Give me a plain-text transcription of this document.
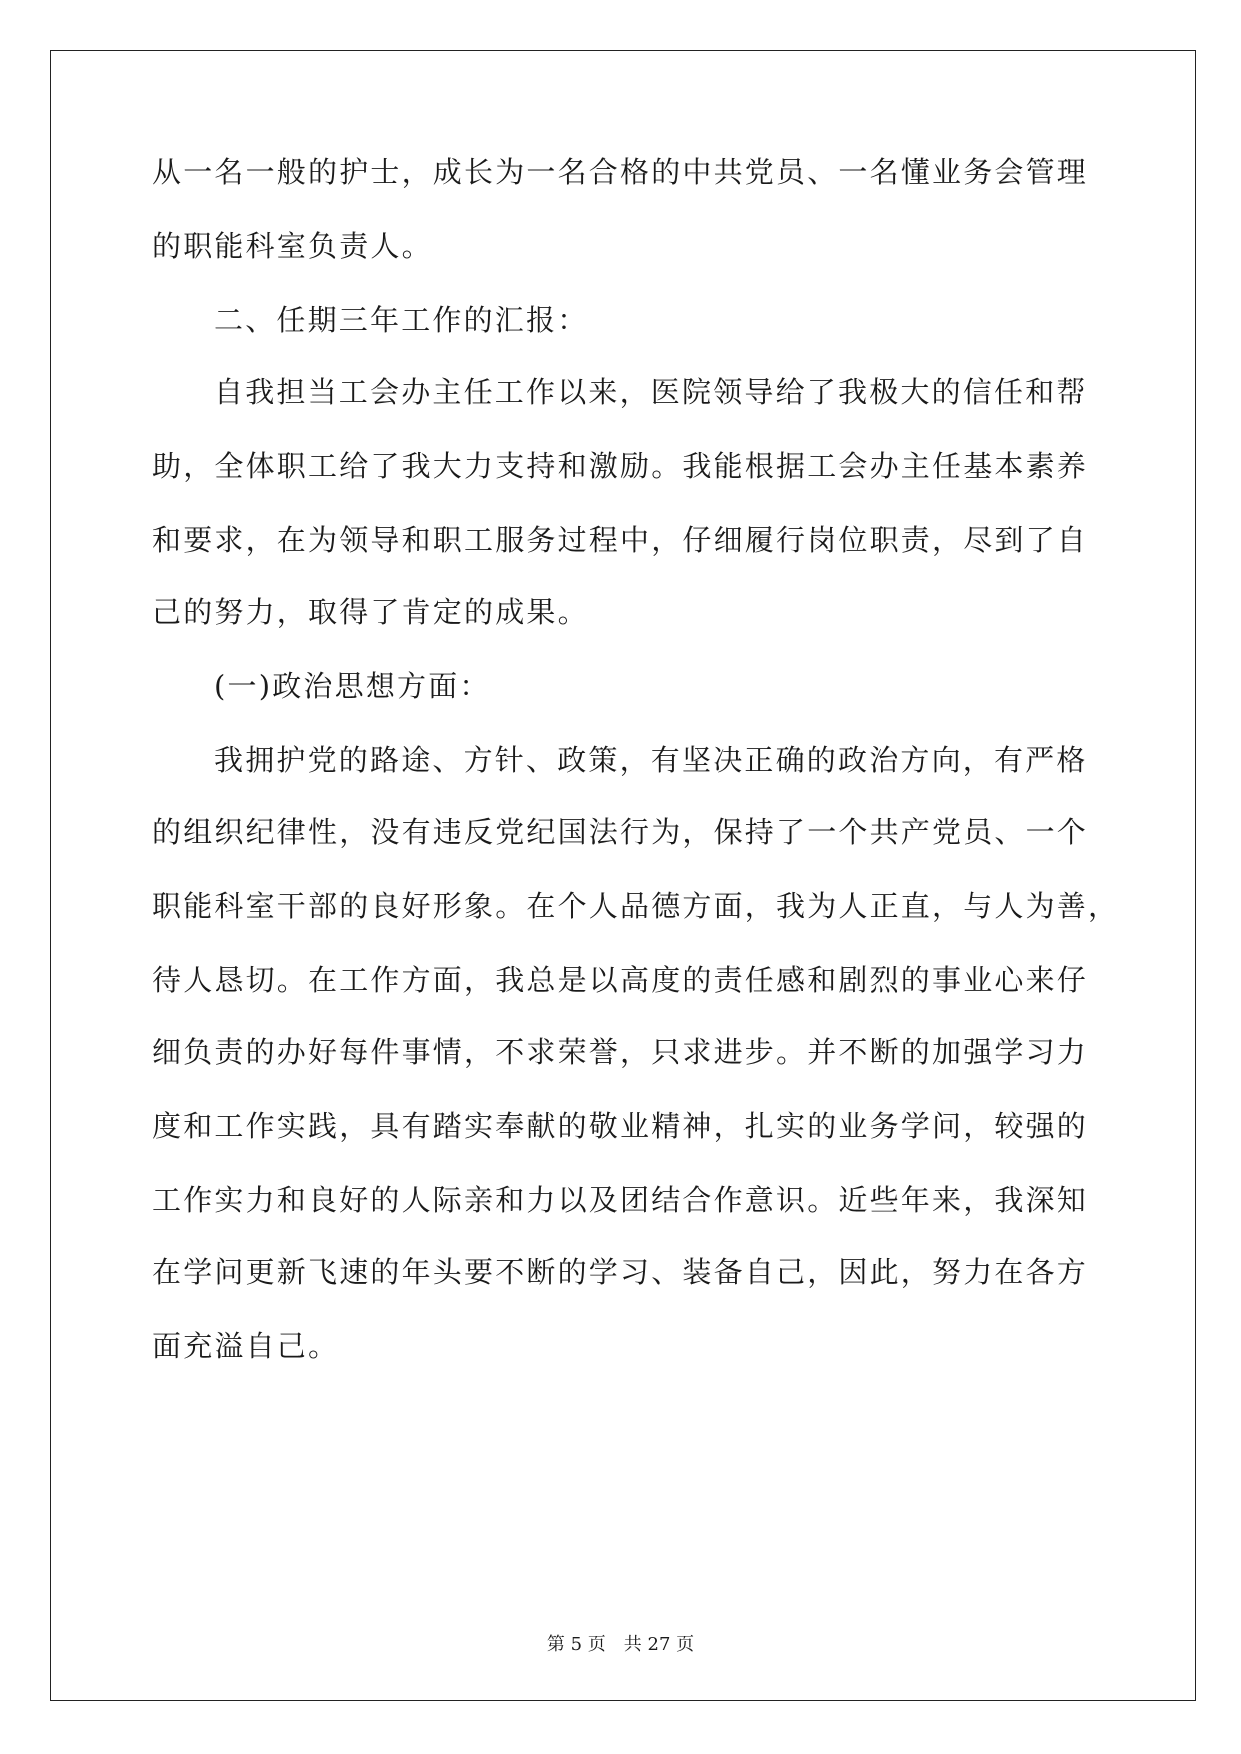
从一名一般的护士，成长为一名合格的中共党员、一名懂业务会管理
的职能科室负责人。
二、任期三年工作的汇报：
自我担当工会办主任工作以来，医院领导给了我极大的信任和帮
助，全体职工给了我大力支持和激励。我能根据工会办主任基本素养
和要求，在为领导和职工服务过程中，仔细履行岗位职责，尽到了自
己的努力，取得了肯定的成果。
(一)政治思想方面：
我拥护党的路途、方针、政策，有坚决正确的政治方向，有严格
的组织纪律性，没有违反党纪国法行为，保持了一个共产党员、一个
职能科室干部的良好形象。在个人品德方面，我为人正直，与人为善，
待人恳切。在工作方面，我总是以高度的责任感和剧烈的事业心来仔
细负责的办好每件事情，不求荣誉，只求进步。并不断的加强学习力
度和工作实践，具有踏实奉献的敬业精神，扎实的业务学问，较强的
工作实力和良好的人际亲和力以及团结合作意识。近些年来，我深知
在学问更新飞速的年头要不断的学习、装备自己，因此，努力在各方
面充溢自己。
第 5 页　共 27 页
